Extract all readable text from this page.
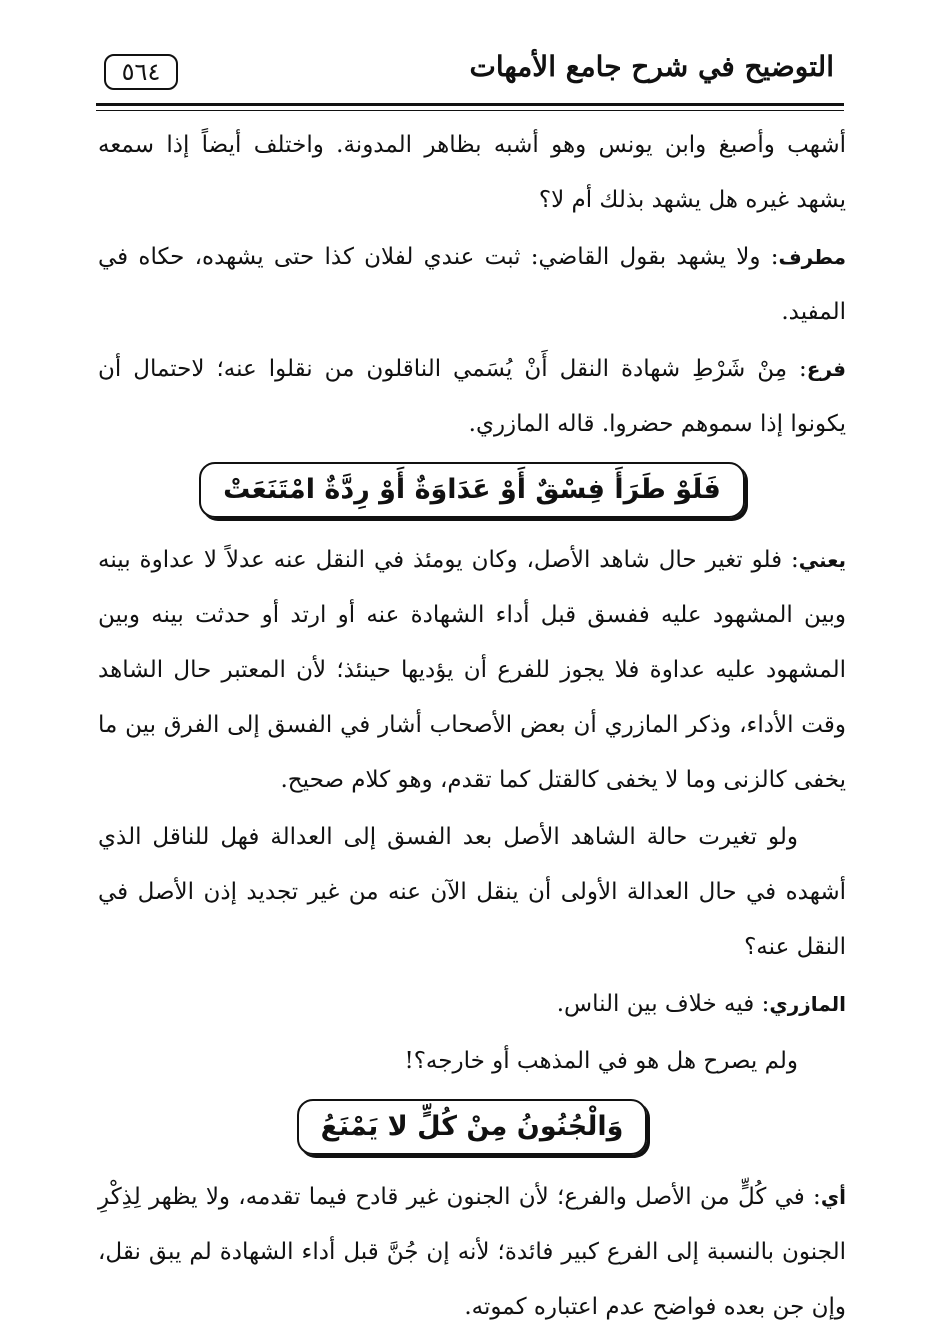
التوضيح في شرح جامع الأمهات
٥٦٤

أشهب وأصبغ وابن يونس وهو أشبه بظاهر المدونة. واختلف أيضاً إذا سمعه يشهد غيره هل يشهد بذلك أم لا؟

مطرف: ولا يشهد بقول القاضي: ثبت عندي لفلان كذا حتى يشهده، حكاه في المفيد.

فرع: مِنْ شَرْطِ شهادة النقل أَنْ يُسَمي الناقلون من نقلوا عنه؛ لاحتمال أن يكونوا إذا سموهم حضروا. قاله المازري.

فَلَوْ طَرَأَ فِسْقٌ أَوْ عَدَاوَةٌ أَوْ رِدَّةٌ امْتَنَعَتْ

يعني: فلو تغير حال شاهد الأصل، وكان يومئذ في النقل عنه عدلاً لا عداوة بينه وبين المشهود عليه ففسق قبل أداء الشهادة عنه أو ارتد أو حدثت بينه وبين المشهود عليه عداوة فلا يجوز للفرع أن يؤديها حينئذ؛ لأن المعتبر حال الشاهد وقت الأداء، وذكر المازري أن بعض الأصحاب أشار في الفسق إلى الفرق بين ما يخفى كالزنى وما لا يخفى كالقتل كما تقدم، وهو كلام صحيح.

ولو تغيرت حالة الشاهد الأصل بعد الفسق إلى العدالة فهل للناقل الذي أشهده في حال العدالة الأولى أن ينقل الآن عنه من غير تجديد إذن الأصل في النقل عنه؟

المازري: فيه خلاف بين الناس.

ولم يصرح هل هو في المذهب أو خارجه؟!

وَالْجُنُونُ مِنْ كُلٍّ لا يَمْنَعُ

أي: في كُلٍّ من الأصل والفرع؛ لأن الجنون غير قادح فيما تقدمه، ولا يظهر لِذِكْرِ الجنون بالنسبة إلى الفرع كبير فائدة؛ لأنه إن جُنَّ قبل أداء الشهادة لم يبق نقل، وإن جن بعده فواضح عدم اعتباره كموته.
